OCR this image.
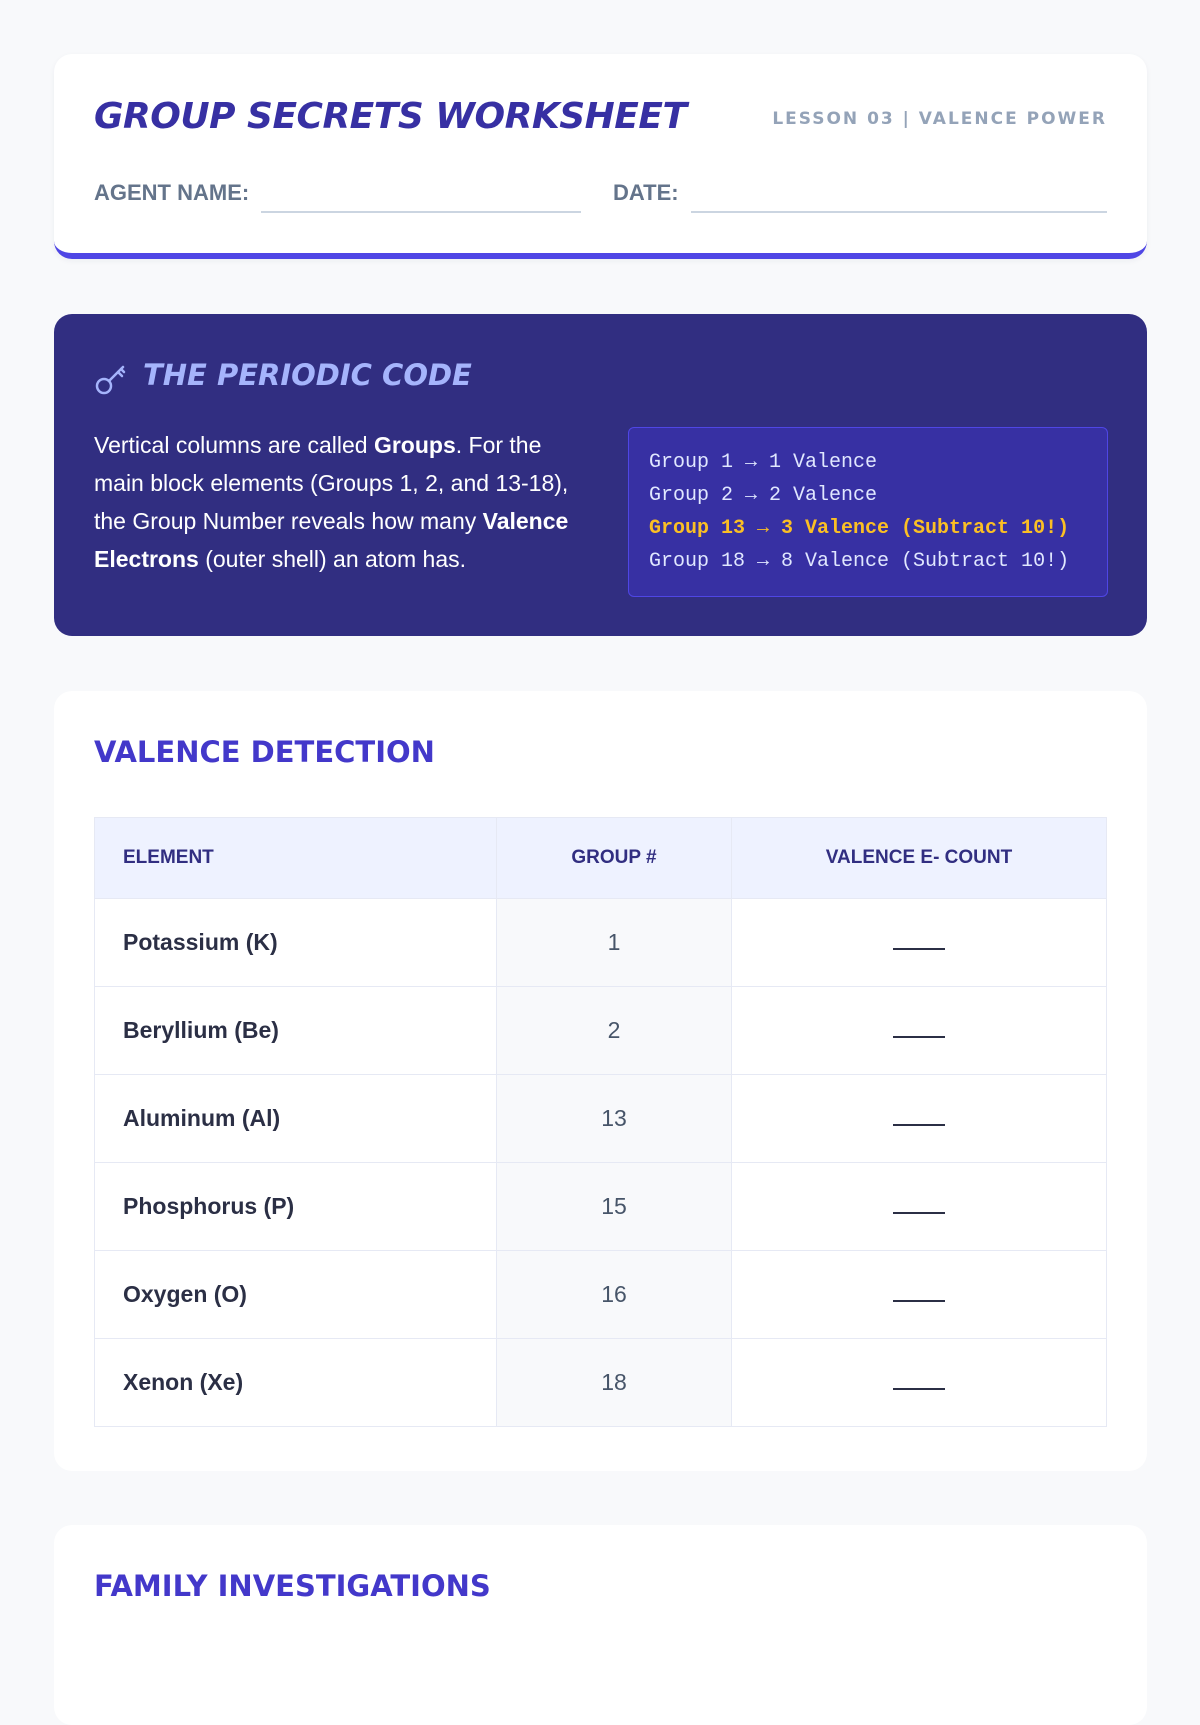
GROUP SECRETS WORKSHEET	LESSON 03 | VALENCE POWER
AGENT NAME:	DATE:
THE PERIODIC CODE

Vertical columns are called Groups. For the main block elements (Groups 1, 2, and 13-18), the Group Number reveals how many Valence Electrons (outer shell) an atom has.

Group 1 → 1 Valence
Group 2 → 2 Valence
Group 13 → 3 Valence (Subtract 10!)
Group 18 → 8 Valence (Subtract 10!)
VALENCE DETECTION
ELEMENT	GROUP #	VALENCE E- COUNT
Potassium (K)	1	
Beryllium (Be)	2	
Aluminum (Al)	13	
Phosphorus (P)	15	
Oxygen (O)	16	
Xenon (Xe)	18	
FAMILY INVESTIGATIONS
